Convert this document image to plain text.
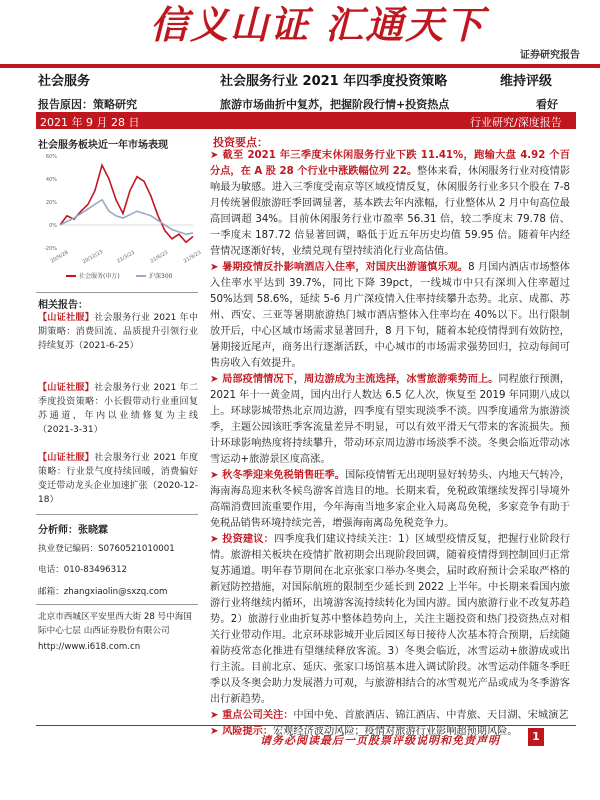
信义山证 汇通天下
证券研究报告
社会服务	社会服务行业 2021 年四季度投资策略	维持评级
报告原因：策略研究	旅游市场曲折中复苏，把握阶段行情+投资热点	看好
2021 年 9 月 28 日	行业研究/深度报告
社会服务板块近一年市场表现
-20%
0%
20%
40%
60%
20/9/28 20/12/23 21/3/23	21/6/23	21/9/23
社会服务(申万)	沪深300
相关报告：
【山证社服】社会服务行业 2021 年中期策略：消费回流、品质提升引领行业持续复苏（2021-6-25）
【山证社服】社会服务行业 2021 年二季度投资策略：小长假带动行业重回复苏通道，年内以业绩修复为主线（2021-3-31）
【山证社服】社会服务行业 2021 年度策略：行业景气度持续回暖，消费偏好变迁带动龙头企业加速扩张（2020-12-18）
分析师：张晓霖
执业登记编码：S0760521010001
电话：010-83496312
邮箱：zhangxiaolin@sxzq.com
北京市西城区平安里西大街 28 号中海国际中心七层 山西证券股份有限公司
http://www.i618.com.cn
投资要点：

➤ 截至 2021 年三季度末休闲服务行业下跌 11.41%，跑输大盘 4.92 个百分点，在 A 股 28 个行业中涨跌幅位列 22。整体来看，休闲服务行业对疫情影响最为敏感。进入三季度受南京等区域疫情反复，休闲服务行业多只个股在 7-8 月传统暑假旅游旺季回调显著，基本跌去年内涨幅，行业整体从 2 月中旬高位最高回调超 34%。目前休闲服务行业市盈率 56.31 倍，较二季度末 79.78 倍、一季度末 187.72 倍显著回调，略低于近五年历史均值 59.95 倍。随着年内经营情况逐渐好转，业绩兑现有望持续消化行业高估值。

➤ 暑期疫情反扑影响酒店入住率，对国庆出游谨慎乐观。8 月国内酒店市场整体入住率水平达到 39.7%，同比下降 39pct，一线城市中只有深圳入住率超过 50%达到 58.6%，延续 5-6 月广深疫情入住率持续攀升态势。北京、成都、苏州、西安、三亚等暑期旅游热门城市酒店整体入住率均在 40%以下。出行限制放开后，中心区域市场需求显著回升，8 月下旬，随着本轮疫情得到有效防控，暑期接近尾声，商务出行逐渐活跃，中心城市的市场需求强势回归，拉动每间可售房收入有效提升。

➤ 局部疫情情况下，周边游成为主流选择，冰雪旅游乘势而上。同程旅行预测，2021 年十一黄金周，国内出行人数达 6.5 亿人次，恢复至 2019 年同期八成以上。环球影城带热北京周边游，四季度有望实现淡季不淡。四季度通常为旅游淡季，主题公园该旺季客流量差异不明显，可以有效平滑天气带来的客流损失。预计环球影响热度将持续攀升，带动环京周边游市场淡季不淡。冬奥会临近带动冰雪运动+旅游景区度高涨。

➤ 秋冬季迎来免税销售旺季。国际疫情暂无出现明显好转势头、内地天气转冷，海南海岛迎来秋冬候鸟游客首选目的地。长期来看，免税政策继续发挥引导境外高端消费回流重要作用，今年海南当地多家企业入局离岛免税，多家竞争有助于免税品销售环境持续完善，增强海南离岛免税竞争力。

➤ 投资建议：四季度我们建议持续关注：1）区域型疫情反复，把握行业阶段行情。旅游相关板块在疫情扩散初期会出现阶段回调，随着疫情得到控制回归正常复苏通道。明年春节期间在北京张家口举办冬奥会，届时政府预计会采取严格的新冠防控措施，对国际航班的限制至少延长到 2022 上半年。中长期来看国内旅游行业将继续内循环，出境游客流持续转化为国内游。国内旅游行业不改复苏趋势。2）旅游行业曲折复苏中整体趋势向上，关注主题投资和热门投资热点对相关行业带动作用。北京环球影城开业后园区每日接待人次基本符合预期，后续随着防疫常态化推进有望继续释放客流。3）冬奥会临近，冰雪运动+旅游成或出行主流。目前北京、延庆、张家口场馆基本进入调试阶段。冰雪运动伴随冬季旺季以及冬奥会助力发展潜力可观，与旅游相结合的冰雪观光产品或成为冬季游客出行新趋势。

➤ 重点公司关注：中国中免、首旅酒店、锦江酒店、中青旅、天目湖、宋城演艺

➤ 风险提示：宏观经济波动风险；疫情对旅游行业影响超预期风险。

请务必阅读最后一页股票评级说明和免责声明	1
